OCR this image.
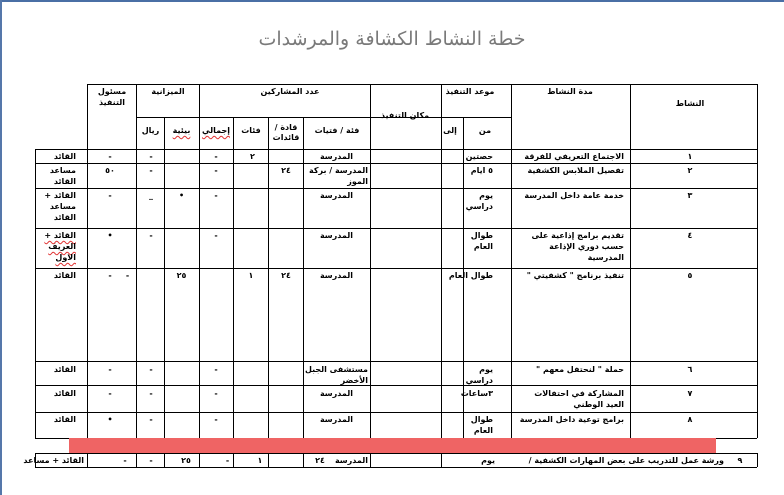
خطة النشاط الكشافة والمرشدات
النشاط
مدة النشاط
موعد التنفيذ
من
إلى
مكان التنفيذ
عدد المشاركين
فئة / فتيات
قادة / قائدات
فئات
إجمالي
الميزانية
بيئية
ريال
مسئول التنفيذ
١
الاجتماع التعريفي للفرقة
حصتين
المدرسة
٢
-
-
-
القائد
٢
تفصيل الملابس الكشفية
٥ ايام
المدرسة / بركة الموز
٢٤
-
-
٥٠
مساعد القائد
٣
خدمة عامة داخل المدرسة
يوم دراسي
المدرسة
-
•
_
-
القائد + مساعد القائد
٤
تقديم برامج إذاعية على حسب دوري الإذاعة المدرسية
طوال العام
المدرسة
-
-
•
القائد + العريف الاول
٥
تنفيذ برنامج " كشفيتي "
طوال العام
المدرسة
٢٤
١
٢٥
-
-
القائد
٦
حملة " لنحتفل معهم "
يوم دراسي
مستشفى الجبل الأخضر
-
-
-
القائد
٧
المشاركة في احتفالات العيد الوطني
٣ساعات
المدرسة
-
-
-
القائد
٨
برامج توعية داخل المدرسة
طوال العام
المدرسة
-
-
•
القائد
٩
ورشة عمل للتدريب على بعض المهارات الكشفية /
يوم
المدرسة
٢٤
١
-
٢٥
-
-
القائد + مساعد
